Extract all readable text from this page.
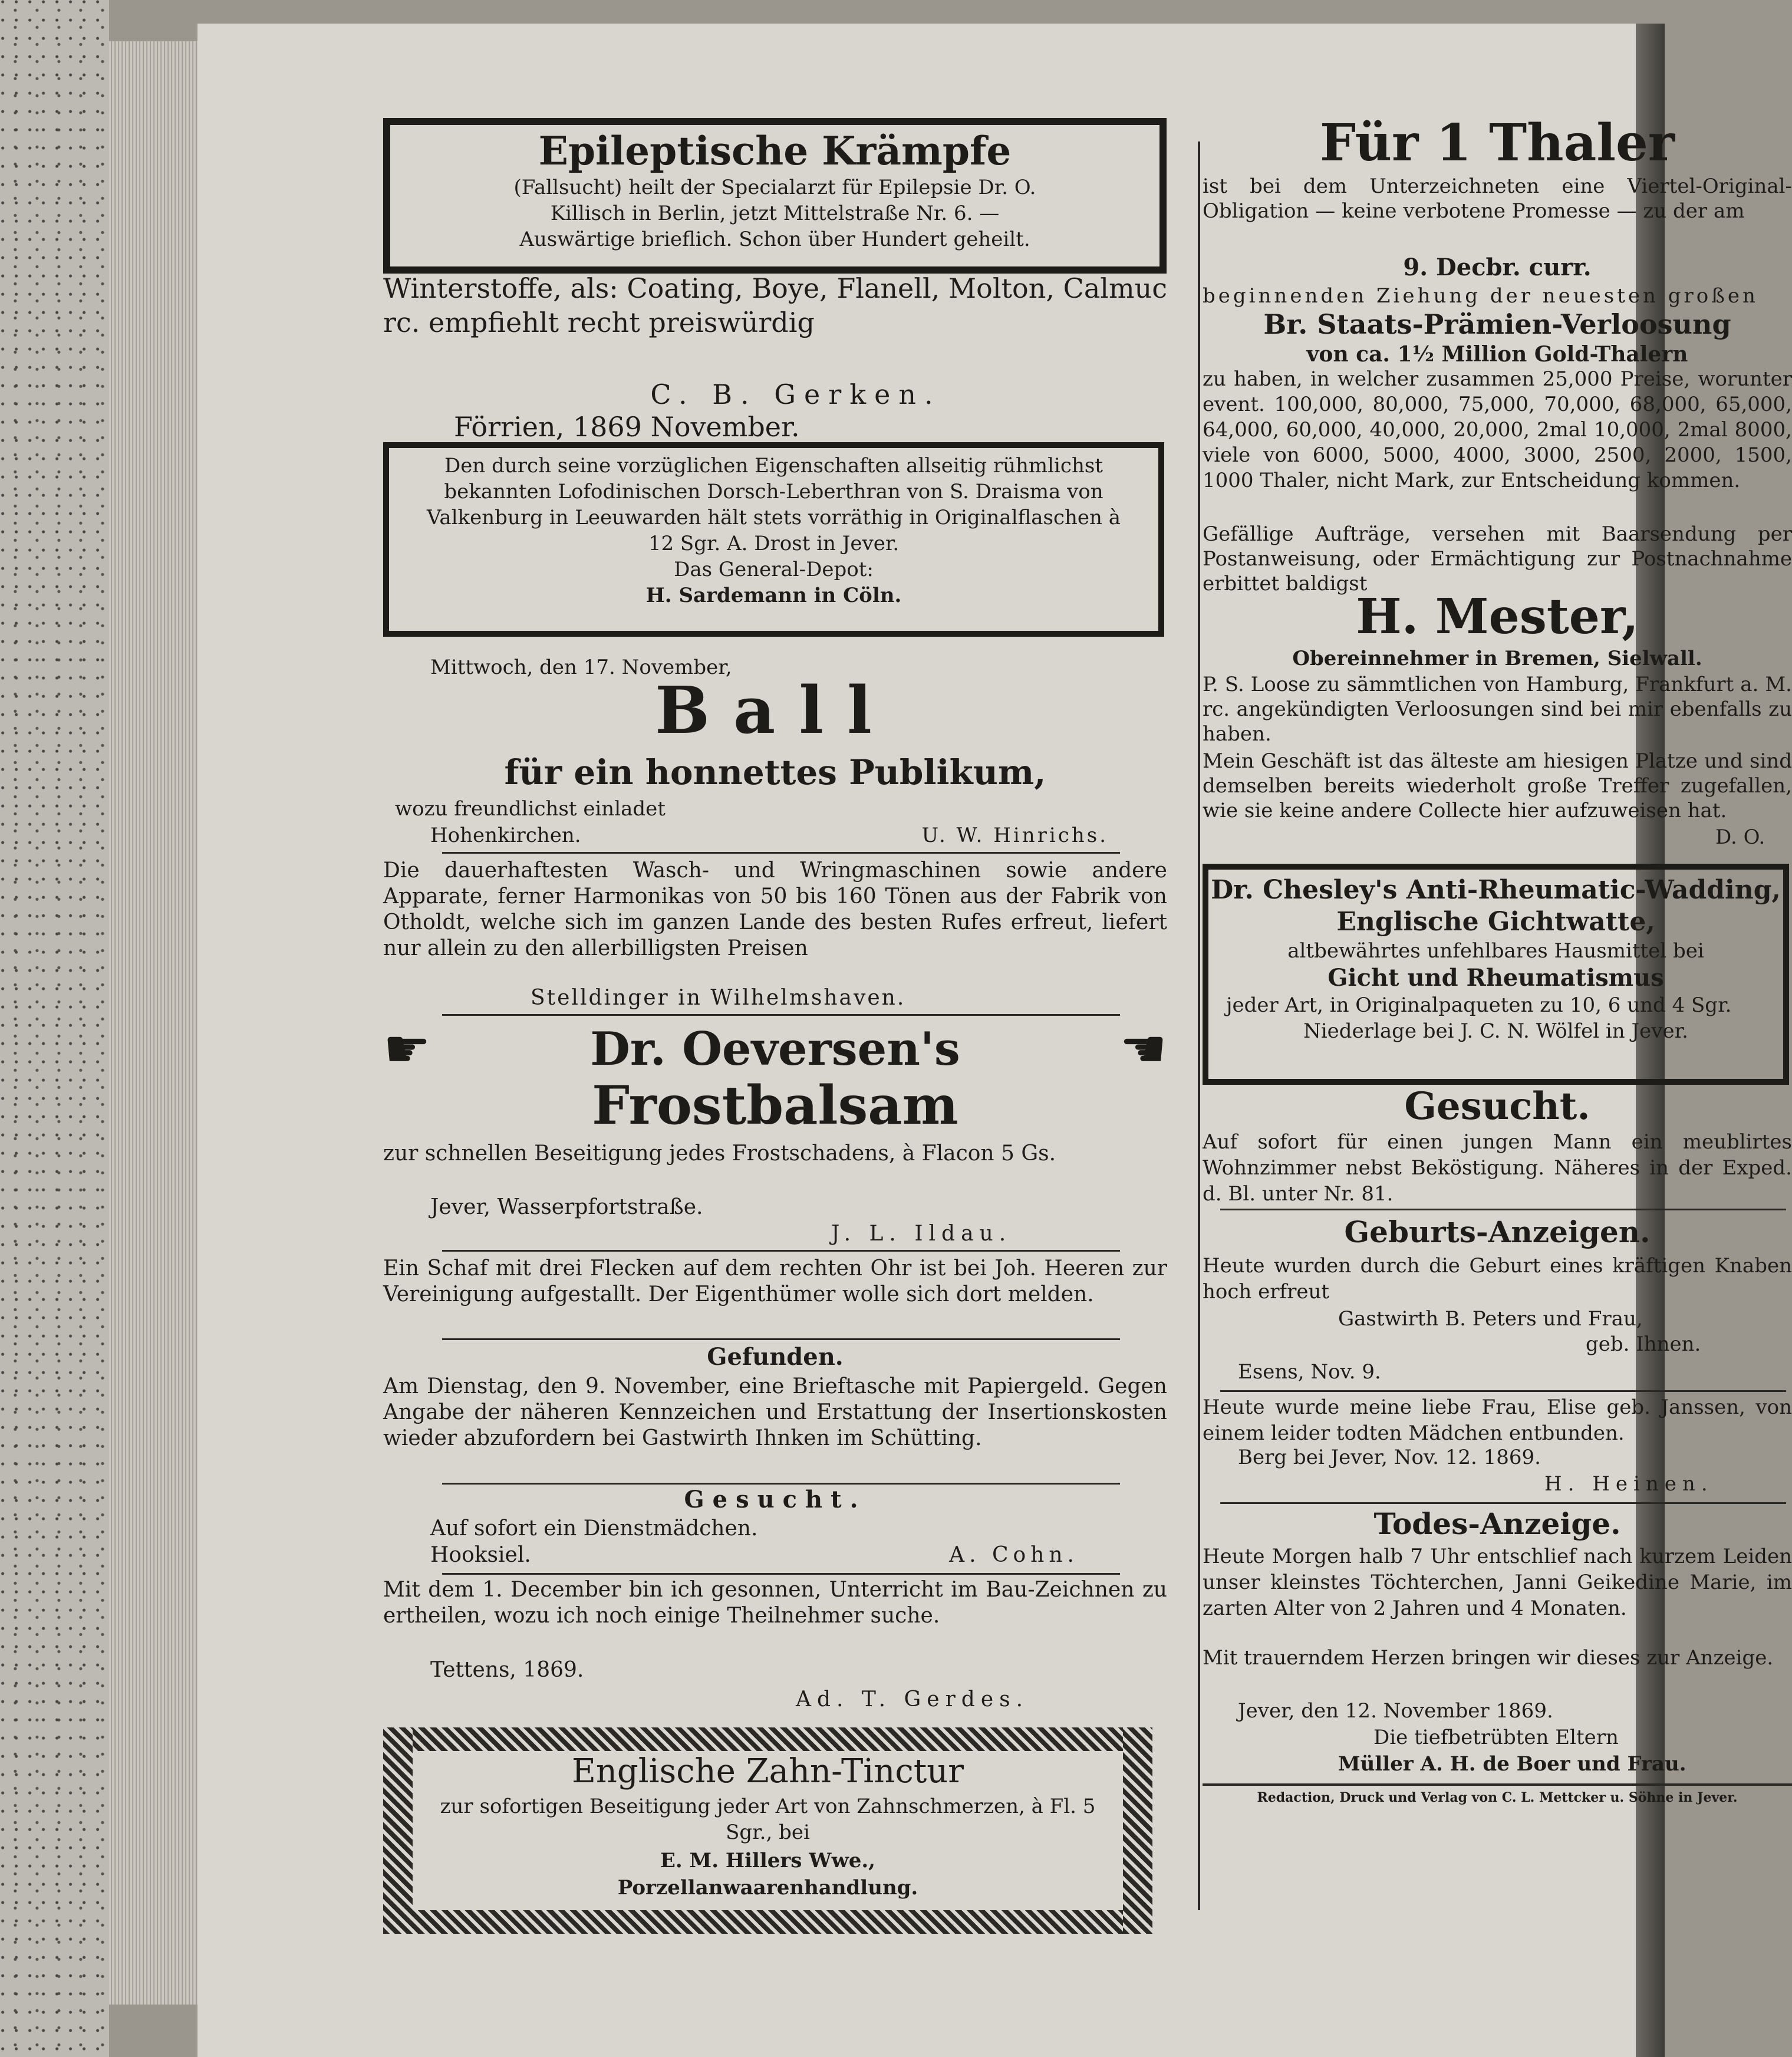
Epileptische Krämpfe
(Fallsucht) heilt der Specialarzt für Epilepsie Dr. O.
Killisch in Berlin, jetzt Mittelstraße Nr. 6. —
Auswärtige brieflich. Schon über Hundert geheilt.
Winterstoffe, als: Coating, Boye, Flanell, Molton, Calmuc rc. empfiehlt recht preiswürdig
C. B. Gerken.
Förrien, 1869 November.
Den durch seine vorzüglichen Eigenschaften allseitig rühmlichst bekannten Lofodinischen Dorsch-Leberthran von S. Draisma von Valkenburg in Leeuwarden hält stets vorräthig in Originalflaschen à 12 Sgr. A. Drost in Jever.
Das General-Depot:
H. Sardemann in Cöln.
Mittwoch, den 17. November,
Ball
für ein honnettes Publikum,
wozu freundlichst einladet
Hohenkirchen.	U. W. Hinrichs.
Die dauerhaftesten Wasch- und Wringmaschinen sowie andere Apparate, ferner Harmonikas von 50 bis 160 Tönen aus der Fabrik von Otholdt, welche sich im ganzen Lande des besten Rufes erfreut, liefert nur allein zu den allerbilligsten Preisen
Stelldinger in Wilhelmshaven.
☛	Dr. Oeversen's	☚
Frostbalsam
zur schnellen Beseitigung jedes Frostschadens, à Flacon 5 Gs.
Jever, Wasserpfortstraße.
J. L. Ildau.
Ein Schaf mit drei Flecken auf dem rechten Ohr ist bei Joh. Heeren zur Vereinigung aufgestallt. Der Eigenthümer wolle sich dort melden.
Gefunden.
Am Dienstag, den 9. November, eine Brieftasche mit Papiergeld. Gegen Angabe der näheren Kennzeichen und Erstattung der Insertionskosten wieder abzufordern bei Gastwirth Ihnken im Schütting.
Gesucht.
Auf sofort ein Dienstmädchen.
Hooksiel.	A. Cohn.
Mit dem 1. December bin ich gesonnen, Unterricht im Bau-Zeichnen zu ertheilen, wozu ich noch einige Theilnehmer suche.
Tettens, 1869.
Ad. T. Gerdes.
Englische Zahn-Tinctur
zur sofortigen Beseitigung jeder Art von Zahnschmerzen, à Fl. 5 Sgr., bei
E. M. Hillers Wwe.,
Porzellanwaarenhandlung.
Für 1 Thaler
ist bei dem Unterzeichneten eine Viertel-Original-Obligation — keine verbotene Promesse — zu der am
9. Decbr. curr.
beginnenden Ziehung der neuesten großen
Br. Staats-Prämien-Verloosung
von ca. 1½ Million Gold-Thalern
zu haben, in welcher zusammen 25,000 Preise, worunter event. 100,000, 80,000, 75,000, 70,000, 68,000, 65,000, 64,000, 60,000, 40,000, 20,000, 2mal 10,000, 2mal 8000, viele von 6000, 5000, 4000, 3000, 2500, 2000, 1500, 1000 Thaler, nicht Mark, zur Entscheidung kommen.
Gefällige Aufträge, versehen mit Baarsendung per Postanweisung, oder Ermächtigung zur Postnachnahme erbittet baldigst
H. Mester,
Obereinnehmer in Bremen, Sielwall.
P. S. Loose zu sämmtlichen von Hamburg, Frankfurt a. M. rc. angekündigten Verloosungen sind bei mir ebenfalls zu haben.
Mein Geschäft ist das älteste am hiesigen Platze und sind demselben bereits wiederholt große Treffer zugefallen, wie sie keine andere Collecte hier aufzuweisen hat.
D. O.
Dr. Chesley's Anti-Rheumatic-Wadding,
Englische Gichtwatte,
altbewährtes unfehlbares Hausmittel bei
Gicht und Rheumatismus
jeder Art, in Originalpaqueten zu 10, 6 und 4 Sgr.
Niederlage bei J. C. N. Wölfel in Jever.
Gesucht.
Auf sofort für einen jungen Mann ein meublirtes Wohnzimmer nebst Beköstigung. Näheres in der Exped. d. Bl. unter Nr. 81.
Geburts-Anzeigen.
Heute wurden durch die Geburt eines kräftigen Knaben hoch erfreut
Gastwirth B. Peters und Frau,
geb. Ihnen.
Esens, Nov. 9.
Heute wurde meine liebe Frau, Elise geb. Janssen, von einem leider todten Mädchen entbunden.
Berg bei Jever, Nov. 12. 1869.
H. Heinen.
Todes-Anzeige.
Heute Morgen halb 7 Uhr entschlief nach kurzem Leiden unser kleinstes Töchterchen, Janni Geikedine Marie, im zarten Alter von 2 Jahren und 4 Monaten.
Mit trauerndem Herzen bringen wir dieses zur Anzeige.
Jever, den 12. November 1869.
Die tiefbetrübten Eltern
Müller A. H. de Boer und Frau.
Redaction, Druck und Verlag von C. L. Mettcker u. Söhne in Jever.
